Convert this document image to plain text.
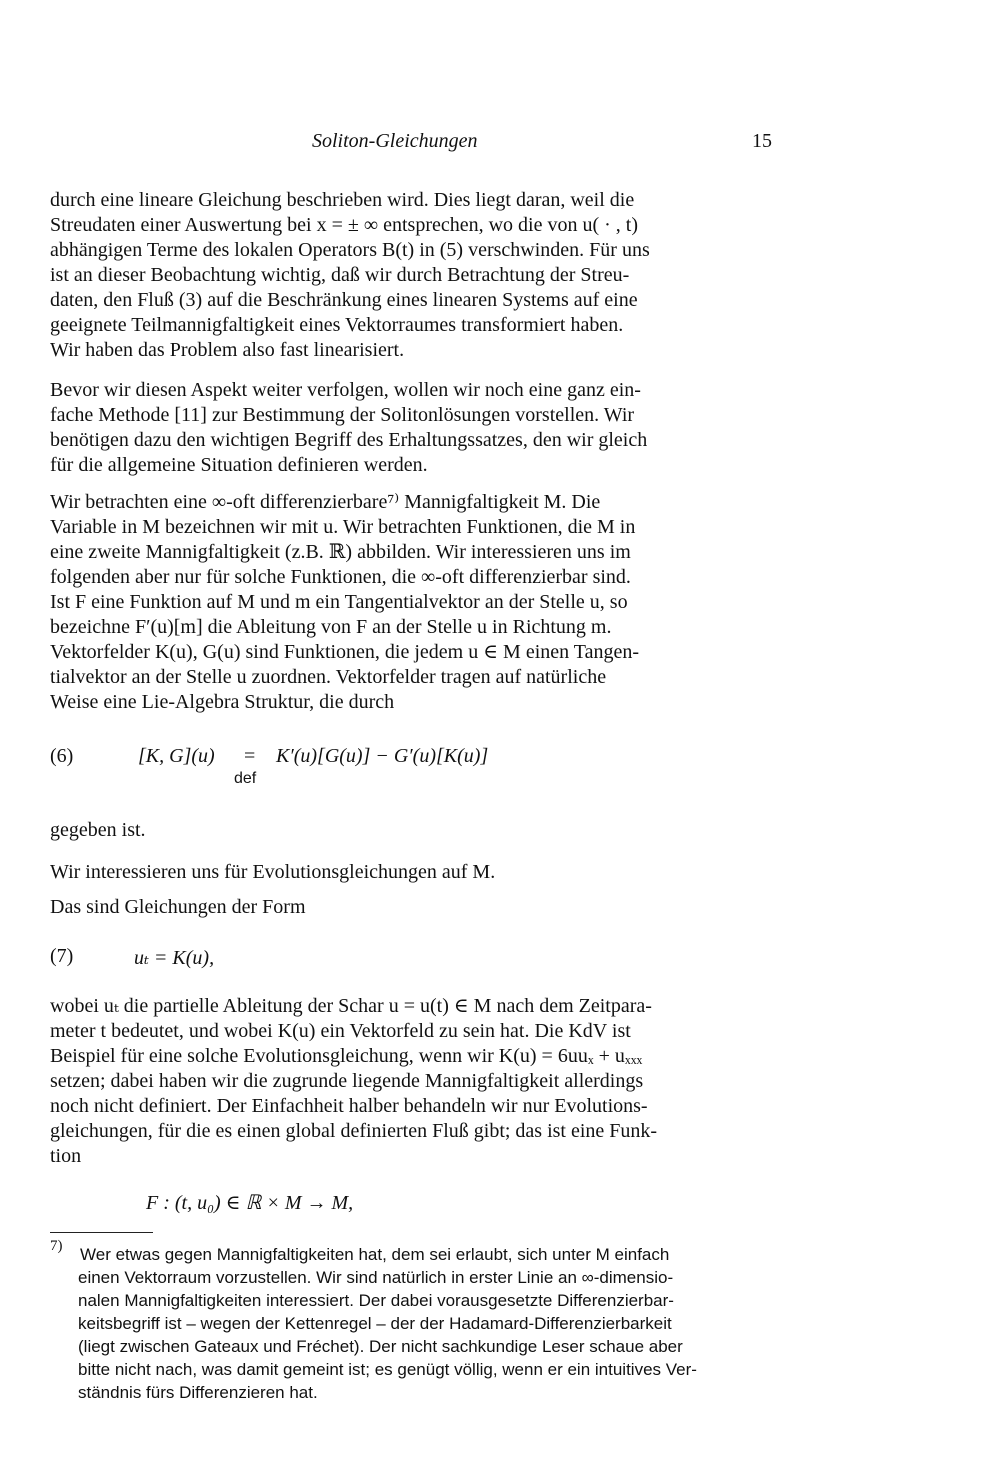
Soliton-Gleichungen	15
durch eine lineare Gleichung beschrieben wird. Dies liegt daran, weil die
Streudaten einer Auswertung bei x = ± ∞ entsprechen, wo die von u( · , t)
abhängigen Terme des lokalen Operators B(t) in (5) verschwinden. Für uns
ist an dieser Beobachtung wichtig, daß wir durch Betrachtung der Streu-
daten, den Fluß (3) auf die Beschränkung eines linearen Systems auf eine
geeignete Teilmannigfaltigkeit eines Vektorraumes transformiert haben.
Wir haben das Problem also fast linearisiert.
Bevor wir diesen Aspekt weiter verfolgen, wollen wir noch eine ganz ein-
fache Methode [11] zur Bestimmung der Solitonlösungen vorstellen. Wir
benötigen dazu den wichtigen Begriff des Erhaltungssatzes, den wir gleich
für die allgemeine Situation definieren werden.
Wir betrachten eine ∞-oft differenzierbare⁷⁾ Mannigfaltigkeit M. Die
Variable in M bezeichnen wir mit u. Wir betrachten Funktionen, die M in
eine zweite Mannigfaltigkeit (z.B. ℝ) abbilden. Wir interessieren uns im
folgenden aber nur für solche Funktionen, die ∞-oft differenzierbar sind.
Ist F eine Funktion auf M und m ein Tangentialvektor an der Stelle u, so
bezeichne F′(u)[m] die Ableitung von F an der Stelle u in Richtung m.
Vektorfelder K(u), G(u) sind Funktionen, die jedem u ∈ M einen Tangen-
tialvektor an der Stelle u zuordnen. Vektorfelder tragen auf natürliche
Weise eine Lie-Algebra Struktur, die durch
(6)	[K, G](u) =
def
K′(u)[G(u)] − G′(u)[K(u)]
gegeben ist.
Wir interessieren uns für Evolutionsgleichungen auf M.
Das sind Gleichungen der Form
(7)	uₜ = K(u),
wobei uₜ die partielle Ableitung der Schar u = u(t) ∈ M nach dem Zeitpara-
meter t bedeutet, und wobei K(u) ein Vektorfeld zu sein hat. Die KdV ist
Beispiel für eine solche Evolutionsgleichung, wenn wir K(u) = 6uuₓ + uₓₓₓ
setzen; dabei haben wir die zugrunde liegende Mannigfaltigkeit allerdings
noch nicht definiert. Der Einfachheit halber behandeln wir nur Evolutions-
gleichungen, für die es einen global definierten Fluß gibt; das ist eine Funk-
tion
F : (t, u₀) ∈ ℝ × M → M,
7) Wer etwas gegen Mannigfaltigkeiten hat, dem sei erlaubt, sich unter M einfach
einen Vektorraum vorzustellen. Wir sind natürlich in erster Linie an ∞-dimensio-
nalen Mannigfaltigkeiten interessiert. Der dabei vorausgesetzte Differenzierbar-
keitsbegriff ist – wegen der Kettenregel – der der Hadamard-Differenzierbarkeit
(liegt zwischen Gateaux und Fréchet). Der nicht sachkundige Leser schaue aber
bitte nicht nach, was damit gemeint ist; es genügt völlig, wenn er ein intuitives Ver-
ständnis fürs Differenzieren hat.
